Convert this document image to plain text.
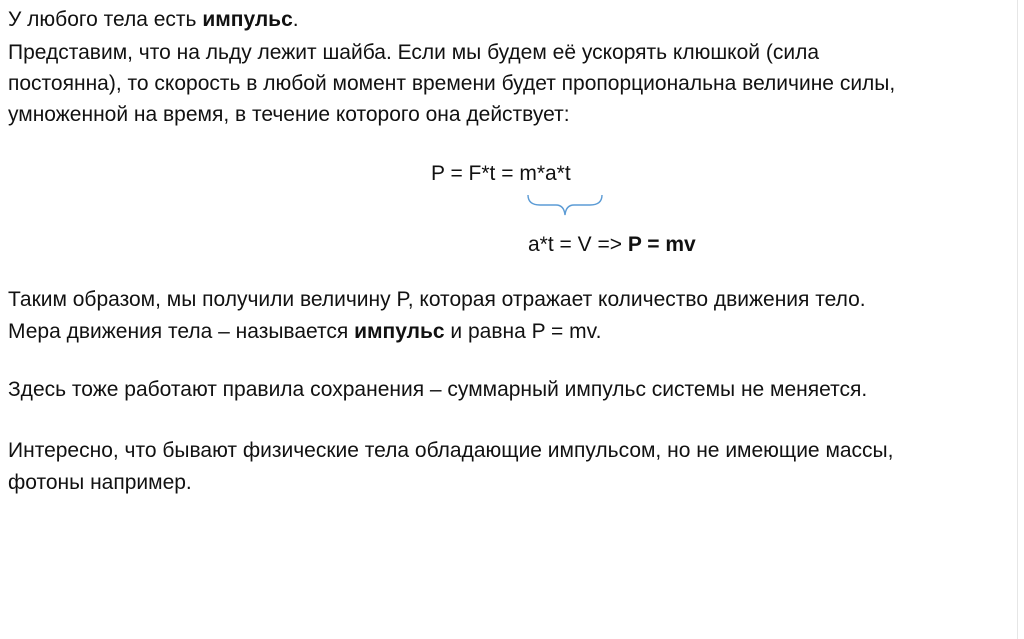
У любого тела есть импульс.
Представим, что на льду лежит шайба. Если мы будем её ускорять клюшкой (сила
постоянна), то скорость в любой момент времени будет пропорциональна величине силы,
умноженной на время, в течение которого она действует:
P = F*t = m*a*t
a*t = V => P = mv
Таким образом, мы получили величину P, которая отражает количество движения тело.
Мера движения тела – называется импульс и равна P = mv.
Здесь тоже работают правила сохранения – суммарный импульс системы не меняется.
Интересно, что бывают физические тела обладающие импульсом, но не имеющие массы,
фотоны например.
